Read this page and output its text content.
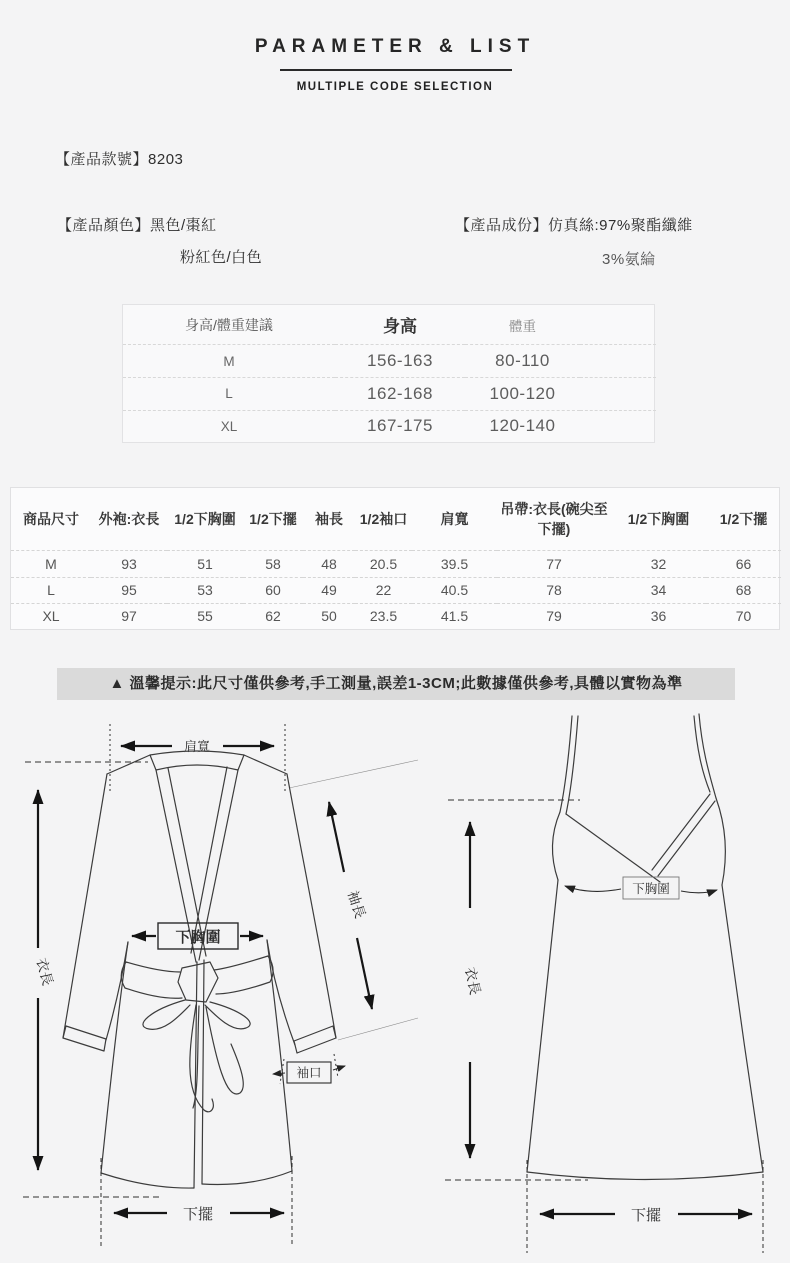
PARAMETER & LIST
MULTIPLE CODE SELECTION
【產品款號】8203
【產品顏色】黑色/棗紅
粉紅色/白色
【產品成份】仿真絲:97%聚酯纖維
3%氨綸
身高/體重建議	身高	體重	
M	156-163	80-110	
L	162-168	100-120	
XL	167-175	120-140	
商品尺寸	外袍:衣長	1/2下胸圍	1/2下擺	袖長	1/2袖口	肩寬	吊帶:衣長(碗尖至下擺)	1/2下胸圍	1/2下擺
M	93	51	58	48	20.5	39.5	77	32	66
L	95	53	60	49	22	40.5	78	34	68
XL	97	55	62	50	23.5	41.5	79	36	70
▲ 溫馨提示:此尺寸僅供參考,手工測量,誤差1-3CM;此數據僅供參考,具體以實物為準
肩寬
衣長
下胸圍
袖長
袖口
下擺
衣長
下胸圍
下擺
